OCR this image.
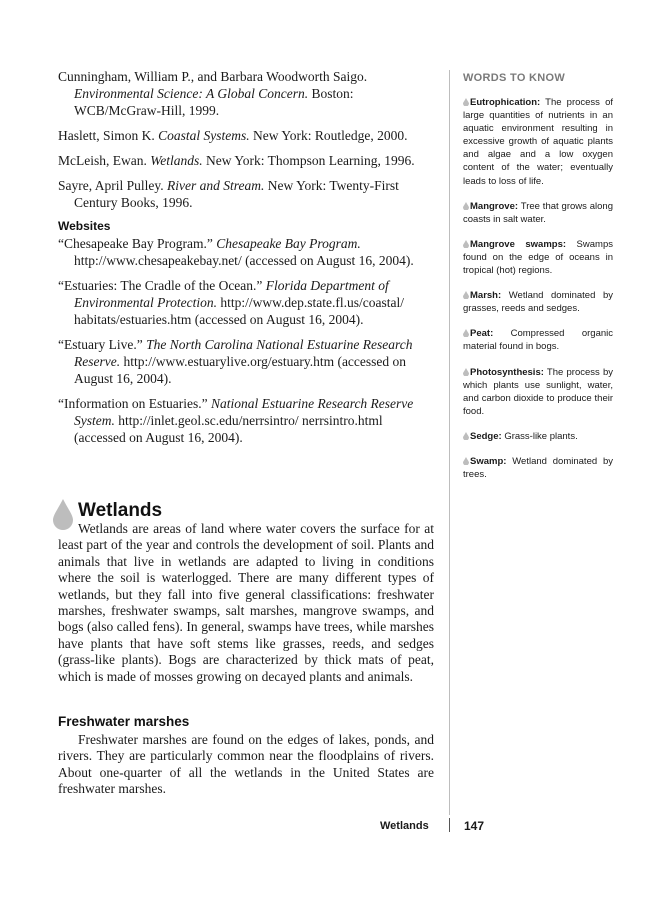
Cunningham, William P., and Barbara Woodworth Saigo. Environmental Science: A Global Concern. Boston: WCB/McGraw-Hill, 1999.

Haslett, Simon K. Coastal Systems. New York: Routledge, 2000.

McLeish, Ewan. Wetlands. New York: Thompson Learning, 1996.

Sayre, April Pulley. River and Stream. New York: Twenty-First Century Books, 1996.

Websites

“Chesapeake Bay Program.” Chesapeake Bay Program. http://www.chesapeakebay.net/ (accessed on August 16, 2004).

“Estuaries: The Cradle of the Ocean.” Florida Department of Environmental Protection. http://www.dep.state.fl.us/coastal/ habitats/estuaries.htm (accessed on August 16, 2004).

“Estuary Live.” The North Carolina National Estuarine Research Reserve. http://www.estuarylive.org/estuary.htm (accessed on August 16, 2004).

“Information on Estuaries.” National Estuarine Research Reserve System. http://inlet.geol.sc.edu/nerrsintro/ nerrsintro.html (accessed on August 16, 2004).

Wetlands

Wetlands are areas of land where water covers the surface for at least part of the year and controls the development of soil. Plants and animals that live in wetlands are adapted to living in conditions where the soil is waterlogged. There are many different types of wetlands, but they fall into five general classifications: freshwater marshes, freshwater swamps, salt marshes, mangrove swamps, and bogs (also called fens). In general, swamps have trees, while marshes have plants that have soft stems like grasses, reeds, and sedges (grass-like plants). Bogs are characterized by thick mats of peat, which is made of mosses growing on decayed plants and animals.

Freshwater marshes

Freshwater marshes are found on the edges of lakes, ponds, and rivers. They are particularly common near the floodplains of rivers. About one-quarter of all the wetlands in the United States are freshwater marshes.

WORDS TO KNOW

Eutrophication: The process of large quantities of nutrients in an aquatic environment resulting in excessive growth of aquatic plants and algae and a low oxygen content of the water; eventually leads to loss of life.

Mangrove: Tree that grows along coasts in salt water.

Mangrove swamps: Swamps found on the edge of oceans in tropical (hot) regions.

Marsh: Wetland dominated by grasses, reeds and sedges.

Peat: Compressed organic material found in bogs.

Photosynthesis: The process by which plants use sunlight, water, and carbon dioxide to produce their food.

Sedge: Grass-like plants.

Swamp: Wetland dominated by trees.

Wetlands	147
